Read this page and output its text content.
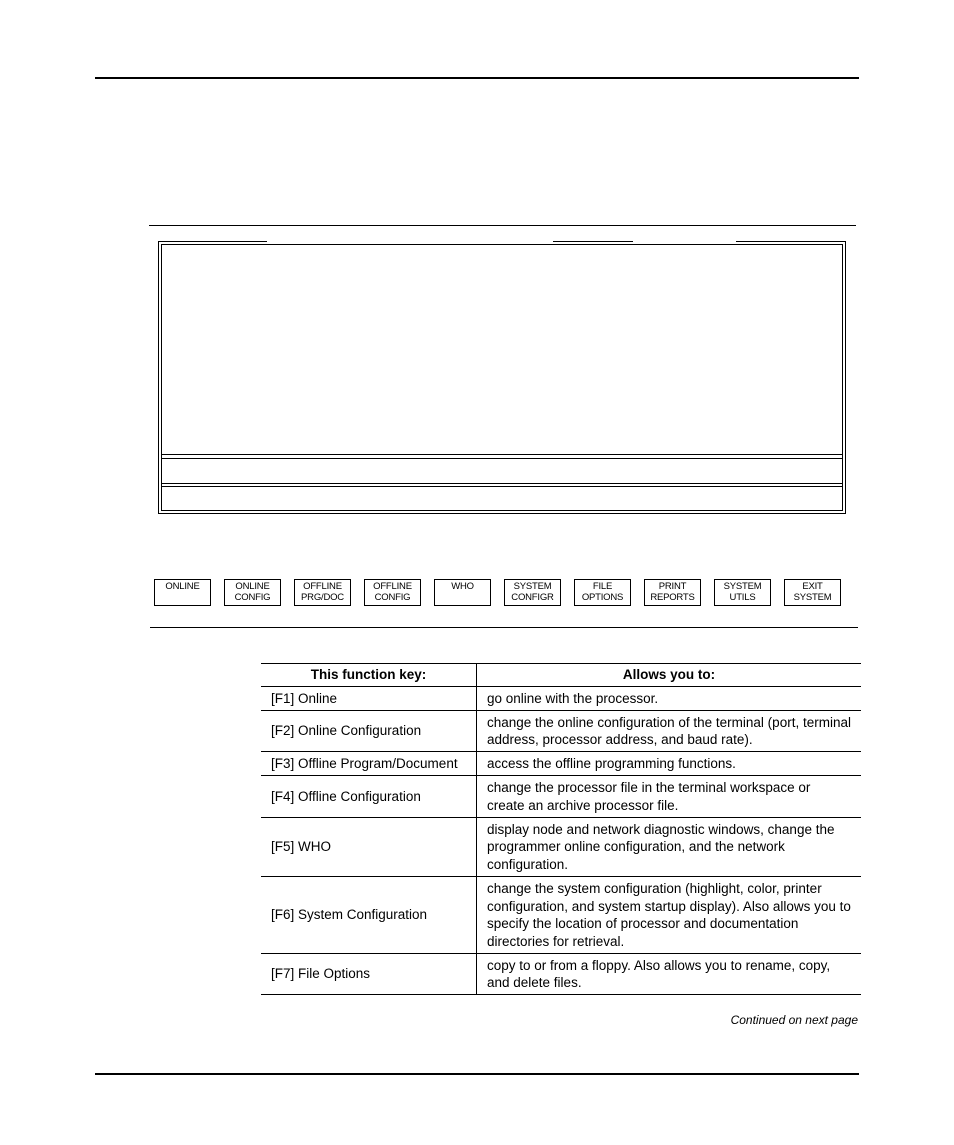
ONLINE	ONLINE
CONFIG
OFFLINE
PRG/DOC
OFFLINE
CONFIG
WHO	SYSTEM
CONFIGR
FILE
OPTIONS
PRINT
REPORTS
SYSTEM
UTILS
EXIT
SYSTEM
This function key:	Allows you to:
[F1] Online	go online with the processor.
[F2] Online Configuration	change the online configuration of the terminal (port, terminal address, processor address, and baud rate).
[F3] Offline Program/Document	access the offline programming functions.
[F4] Offline Configuration	change the processor file in the terminal workspace or create an archive processor file.
[F5] WHO	display node and network diagnostic windows, change the programmer online configuration, and the network configuration.
[F6] System Configuration	change the system configuration (highlight, color, printer configuration, and system startup display). Also allows you to specify the location of processor and documentation directories for retrieval.
[F7] File Options	copy to or from a floppy. Also allows you to rename, copy, and delete files.
Continued on next page
